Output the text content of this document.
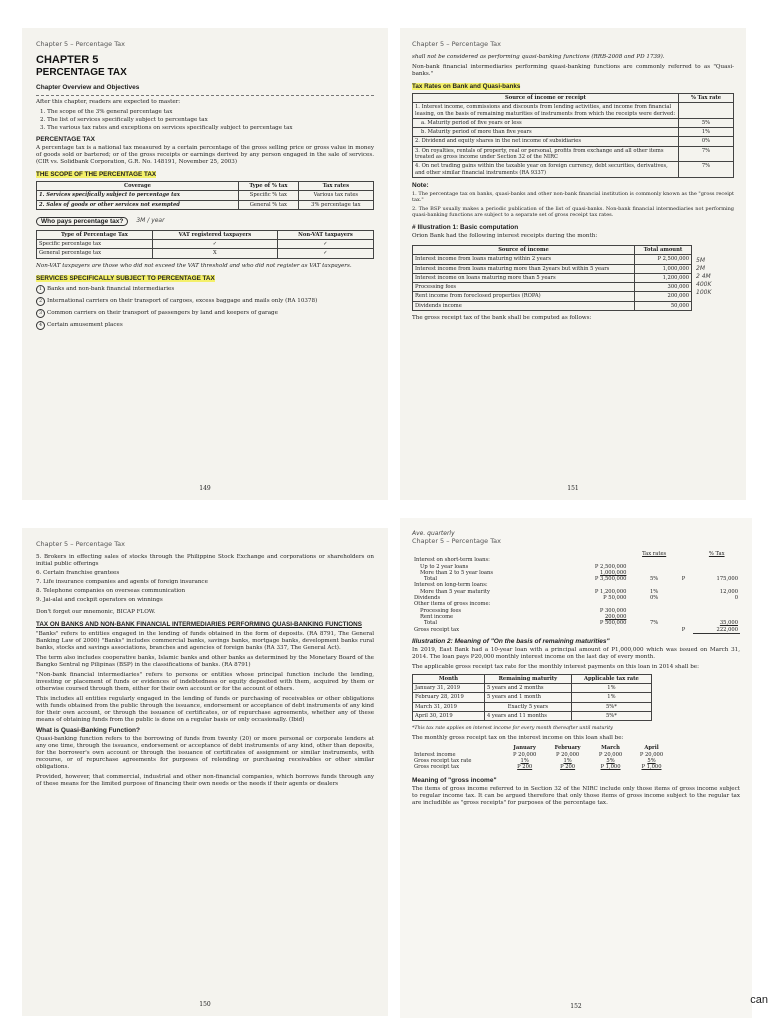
Chapter 5 – Percentage Tax
CHAPTER 5
PERCENTAGE TAX
Chapter Overview and Objectives

After this chapter, readers are expected to master:

1. The scope of the 3% general percentage tax

2. The list of services specifically subject to percentage tax

3. The various tax rates and exceptions on services specifically subject to percentage tax

PERCENTAGE TAX

A percentage tax is a national tax measured by a certain percentage of the gross selling price or gross value in money of goods sold or bartered; or of the gross receipts or earnings derived by any person engaged in the sale of services. (CIR vs. Solidbank Corporation, G.R. No. 148191, November 25, 2003)

THE SCOPE OF THE PERCENTAGE TAX
Coverage	Type of % tax	Tax rates
1. Services specifically subject to percentage tax	Specific % tax	Various tax rates
2. Sales of goods or other services not exempted	General % tax	3% percentage tax
Who pays percentage tax?	3M / year
Type of Percentage Tax	VAT registered taxpayers	Non-VAT taxpayers
Specific percentage tax	✓	✓
General percentage tax	X	✓

Non-VAT taxpayers are those who did not exceed the VAT threshold and who did not register as VAT taxpayers.

SERVICES SPECIFICALLY SUBJECT TO PERCENTAGE TAX

1 Banks and non-bank financial intermediaries

2 International carriers on their transport of cargoes, excess baggage and mails only (RA 10378)

3 Common carriers on their transport of passengers by land and keepers of garage

4 Certain amusement places

149
Chapter 5 – Percentage Tax

shall not be considered as performing quasi-banking functions (RRB-2008 and PD 1739).

Non-bank financial intermediaries performing quasi-banking functions are commonly referred to as "Quasi-banks."

Tax Rates on Bank and Quasi-banks
Source of income or receipt	% Tax rate
1. Interest income, commissions and discounts from lending activities, and income from financial leasing, on the basis of remaining maturities of instruments from which the receipts were derived:	
a. Maturity period of five years or less	5%
b. Maturity period of more than five years	1%
2. Dividend and equity shares in the net income of subsidiaries	0%
3. On royalties, rentals of property, real or personal, profits from exchange and all other items treated as gross income under Section 32 of the NIRC	7%
4. On net trading gains within the taxable year on foreign currency, debt securities, derivatives, and other similar financial instruments (RA 9337)	7%
Note:

1. The percentage tax on banks, quasi-banks and other non-bank financial institution is commonly known as the "gross receipt tax."

2. The BSP usually makes a periodic publication of the list of quasi-banks. Non-bank financial intermediaries not performing quasi-banking functions are subject to a separate set of gross receipt tax rates.

# Illustration 1: Basic computation

Orion Bank had the following interest receipts during the month:

Source of income	Total amount
Interest income from loans maturing within 2 years	P 2,500,000
Interest income from loans maturing more than 2years but within 5 years	1,000,000
Interest income on loans maturing more than 5 years	1,200,000
Processing fees	300,000
Rent income from foreclosed properties (ROPA)	200,000
Dividends income	50,000
5M
2M
2 4M
400K
100K

The gross receipt tax of the bank shall be computed as follows:

151
Chapter 5 – Percentage Tax

5. Brokers in effecting sales of stocks through the Philippine Stock Exchange and corporations or shareholders on initial public offerings

6. Certain franchise grantees

7. Life insurance companies and agents of foreign insurance

8. Telephone companies on overseas communication

9. Jai-alai and cockpit operators on winnings

Don't forget our mnemonic, BICAP FLOW.

TAX ON BANKS AND NON-BANK FINANCIAL INTERMEDIARIES PERFORMING QUASI-BANKING FUNCTIONS

"Banks" refers to entities engaged in the lending of funds obtained in the form of deposits. (RA 8791, The General Banking Law of 2000) "Banks" includes commercial banks, savings banks, mortgage banks, development banks rural banks, stocks and savings associations, branches and agencies of foreign banks (RA 337, The General Act).

The term also includes cooperative banks, Islamic banks and other banks as determined by the Monetary Board of the Bangko Sentral ng Pilipinas (BSP) in the classifications of banks. (RA 8791)

"Non-bank financial intermediaries" refers to persons or entities whose principal function include the lending, investing or placement of funds or evidences of indebtedness or equity deposited with them, acquired by them or otherwise coursed through them, either for their own account or for the account of others.

This includes all entities regularly engaged in the lending of funds or purchasing of receivables or other obligations with funds obtained from the public through the issuance, endorsement or acceptance of debt instruments of any kind for their own account, or through the issuance of certificates, or of repurchase agreements, whether any of these means of obtaining funds from the public is done on a regular basis or only occasionally. (Ibid)

What is Quasi-Banking Function?

Quasi-banking function refers to the borrowing of funds from twenty (20) or more personal or corporate lenders at any one time, through the issuance, endorsement or acceptance of debt instruments of any kind, other than deposits, for the borrower's own account or through the issuance of certificates of assignment or similar instruments, with recourse, or of repurchase agreements for purposes of relending or purchasing receivables or other similar obligations.

Provided, however, that commercial, industrial and other non-financial companies, which borrows funds through any of these means for the limited purpose of financing their own needs or the needs if their agents or dealers

150
Ave. quarterly
Chapter 5 – Percentage Tax
		Tax rates		% Tax
Interest on short-term loans:				
Up to 2 year loans	P 2,500,000			
More than 2 to 5 year loans	1,000,000			
Total	P 3,500,000	5%	P	175,000
Interest on long-term loans:				
More than 5 year maturity	P 1,200,000	1%		12,000
Dividends	P 50,000	0%		0
Other items of gross income:				
Processing fees	P 300,000			
Rent income	200,000			
Total	P 500,000	7%		35,000
Gross receipt tax			P	222,000
Illustration 2: Meaning of "On the basis of remaining maturities"

In 2019, East Bank had a 10-year loan with a principal amount of P1,000,000 which was issued on March 31, 2014. The loan pays P20,000 monthly interest income on the last day of every month.

The applicable gross receipt tax rate for the monthly interest payments on this loan in 2014 shall be:

Month	Remaining maturity	Applicable tax rate
January 31, 2019	5 years and 2 months	1%
February 28, 2019	5 years and 1 month	1%
March 31, 2019	Exactly 5 years	5%*
April 30, 2019	4 years and 11 months	5%*

*This tax rate applies on interest income for every month thereafter until maturity

The monthly gross receipt tax on the interest income on this loan shall be:

	January	February	March	April
Interest income	P 20,000	P 20,000	P 20,000	P 20,000
Gross receipt tax rate	1%	1%	5%	5%
Gross receipt tax	P 200	P 200	P 1,000	P 1,000
Meaning of "gross income"

The items of gross income referred to in Section 32 of the NIRC include only those items of gross income subject to regular income tax. It can be argued therefore that only those items of gross income subject to the regular tax are includible as "gross receipts" for purposes of the percentage tax.

152
can
